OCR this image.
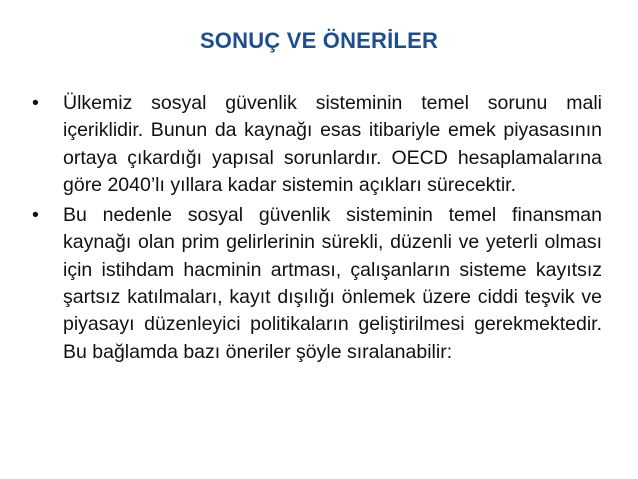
SONUÇ VE ÖNERİLER
• Ülkemiz sosyal güvenlik sisteminin temel sorunu mali içeriklidir. Bunun da kaynağı esas itibariyle emek piyasasının ortaya çıkardığı yapısal sorunlardır. OECD hesaplamalarına göre 2040’lı yıllara kadar sistemin açıkları sürecektir.
• Bu nedenle sosyal güvenlik sisteminin temel finansman kaynağı olan prim gelirlerinin sürekli, düzenli ve yeterli olması için istihdam hacminin artması, çalışanların sisteme kayıtsız şartsız katılmaları, kayıt dışılığı önlemek üzere ciddi teşvik ve piyasayı düzenleyici politikaların geliştirilmesi gerekmektedir. Bu bağlamda bazı öneriler şöyle sıralanabilir:
